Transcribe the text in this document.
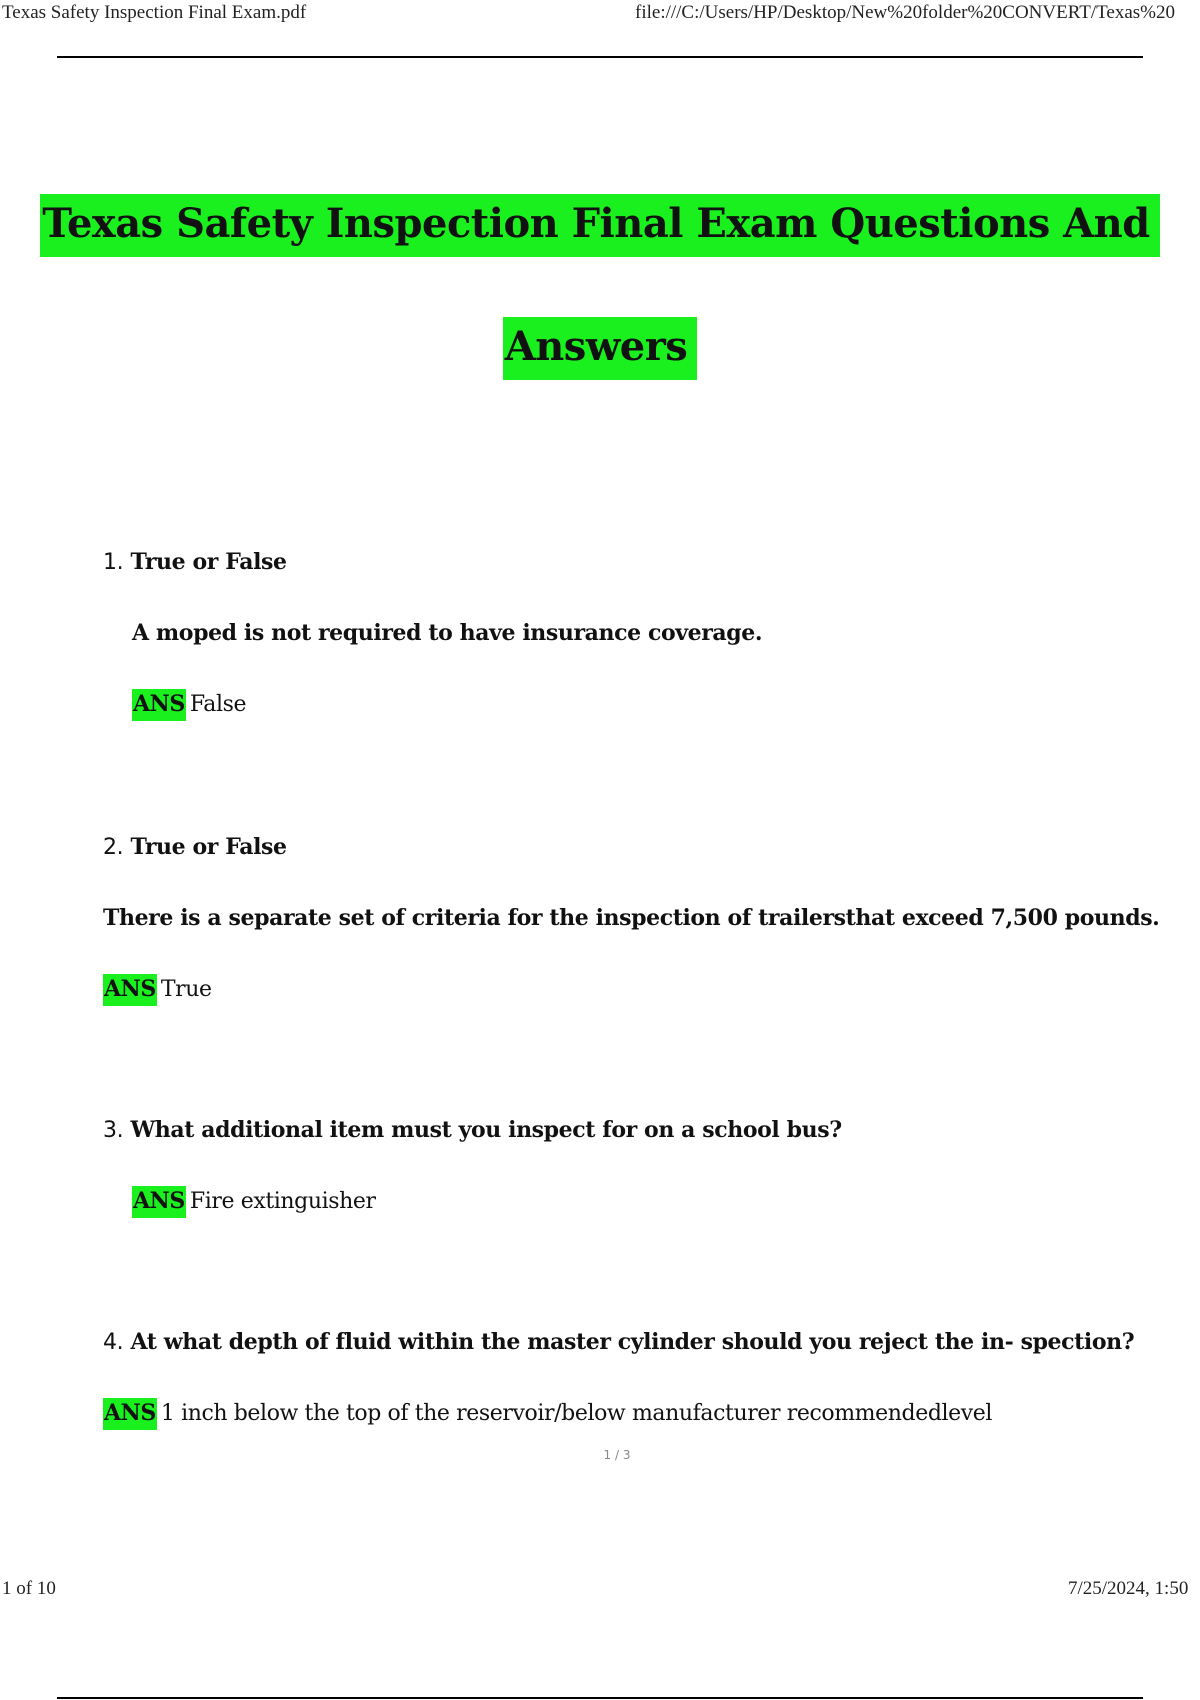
Texas Safety Inspection Final Exam.pdf	file:///C:/Users/HP/Desktop/New%20folder%20CONVERT/Texas%20
Texas Safety Inspection Final Exam Questions And
Answers
1. True or False
A moped is not required to have insurance coverage.
ANS False
2. True or False
There is a separate set of criteria for the inspection of trailersthat exceed 7,500 pounds.
ANS True
3. What additional item must you inspect for on a school bus?
ANS Fire extinguisher
4. At what depth of fluid within the master cylinder should you reject the in- spection?
ANS 1 inch below the top of the reservoir/below manufacturer recommendedlevel
1 / 3
1 of 10	7/25/2024, 1:50
